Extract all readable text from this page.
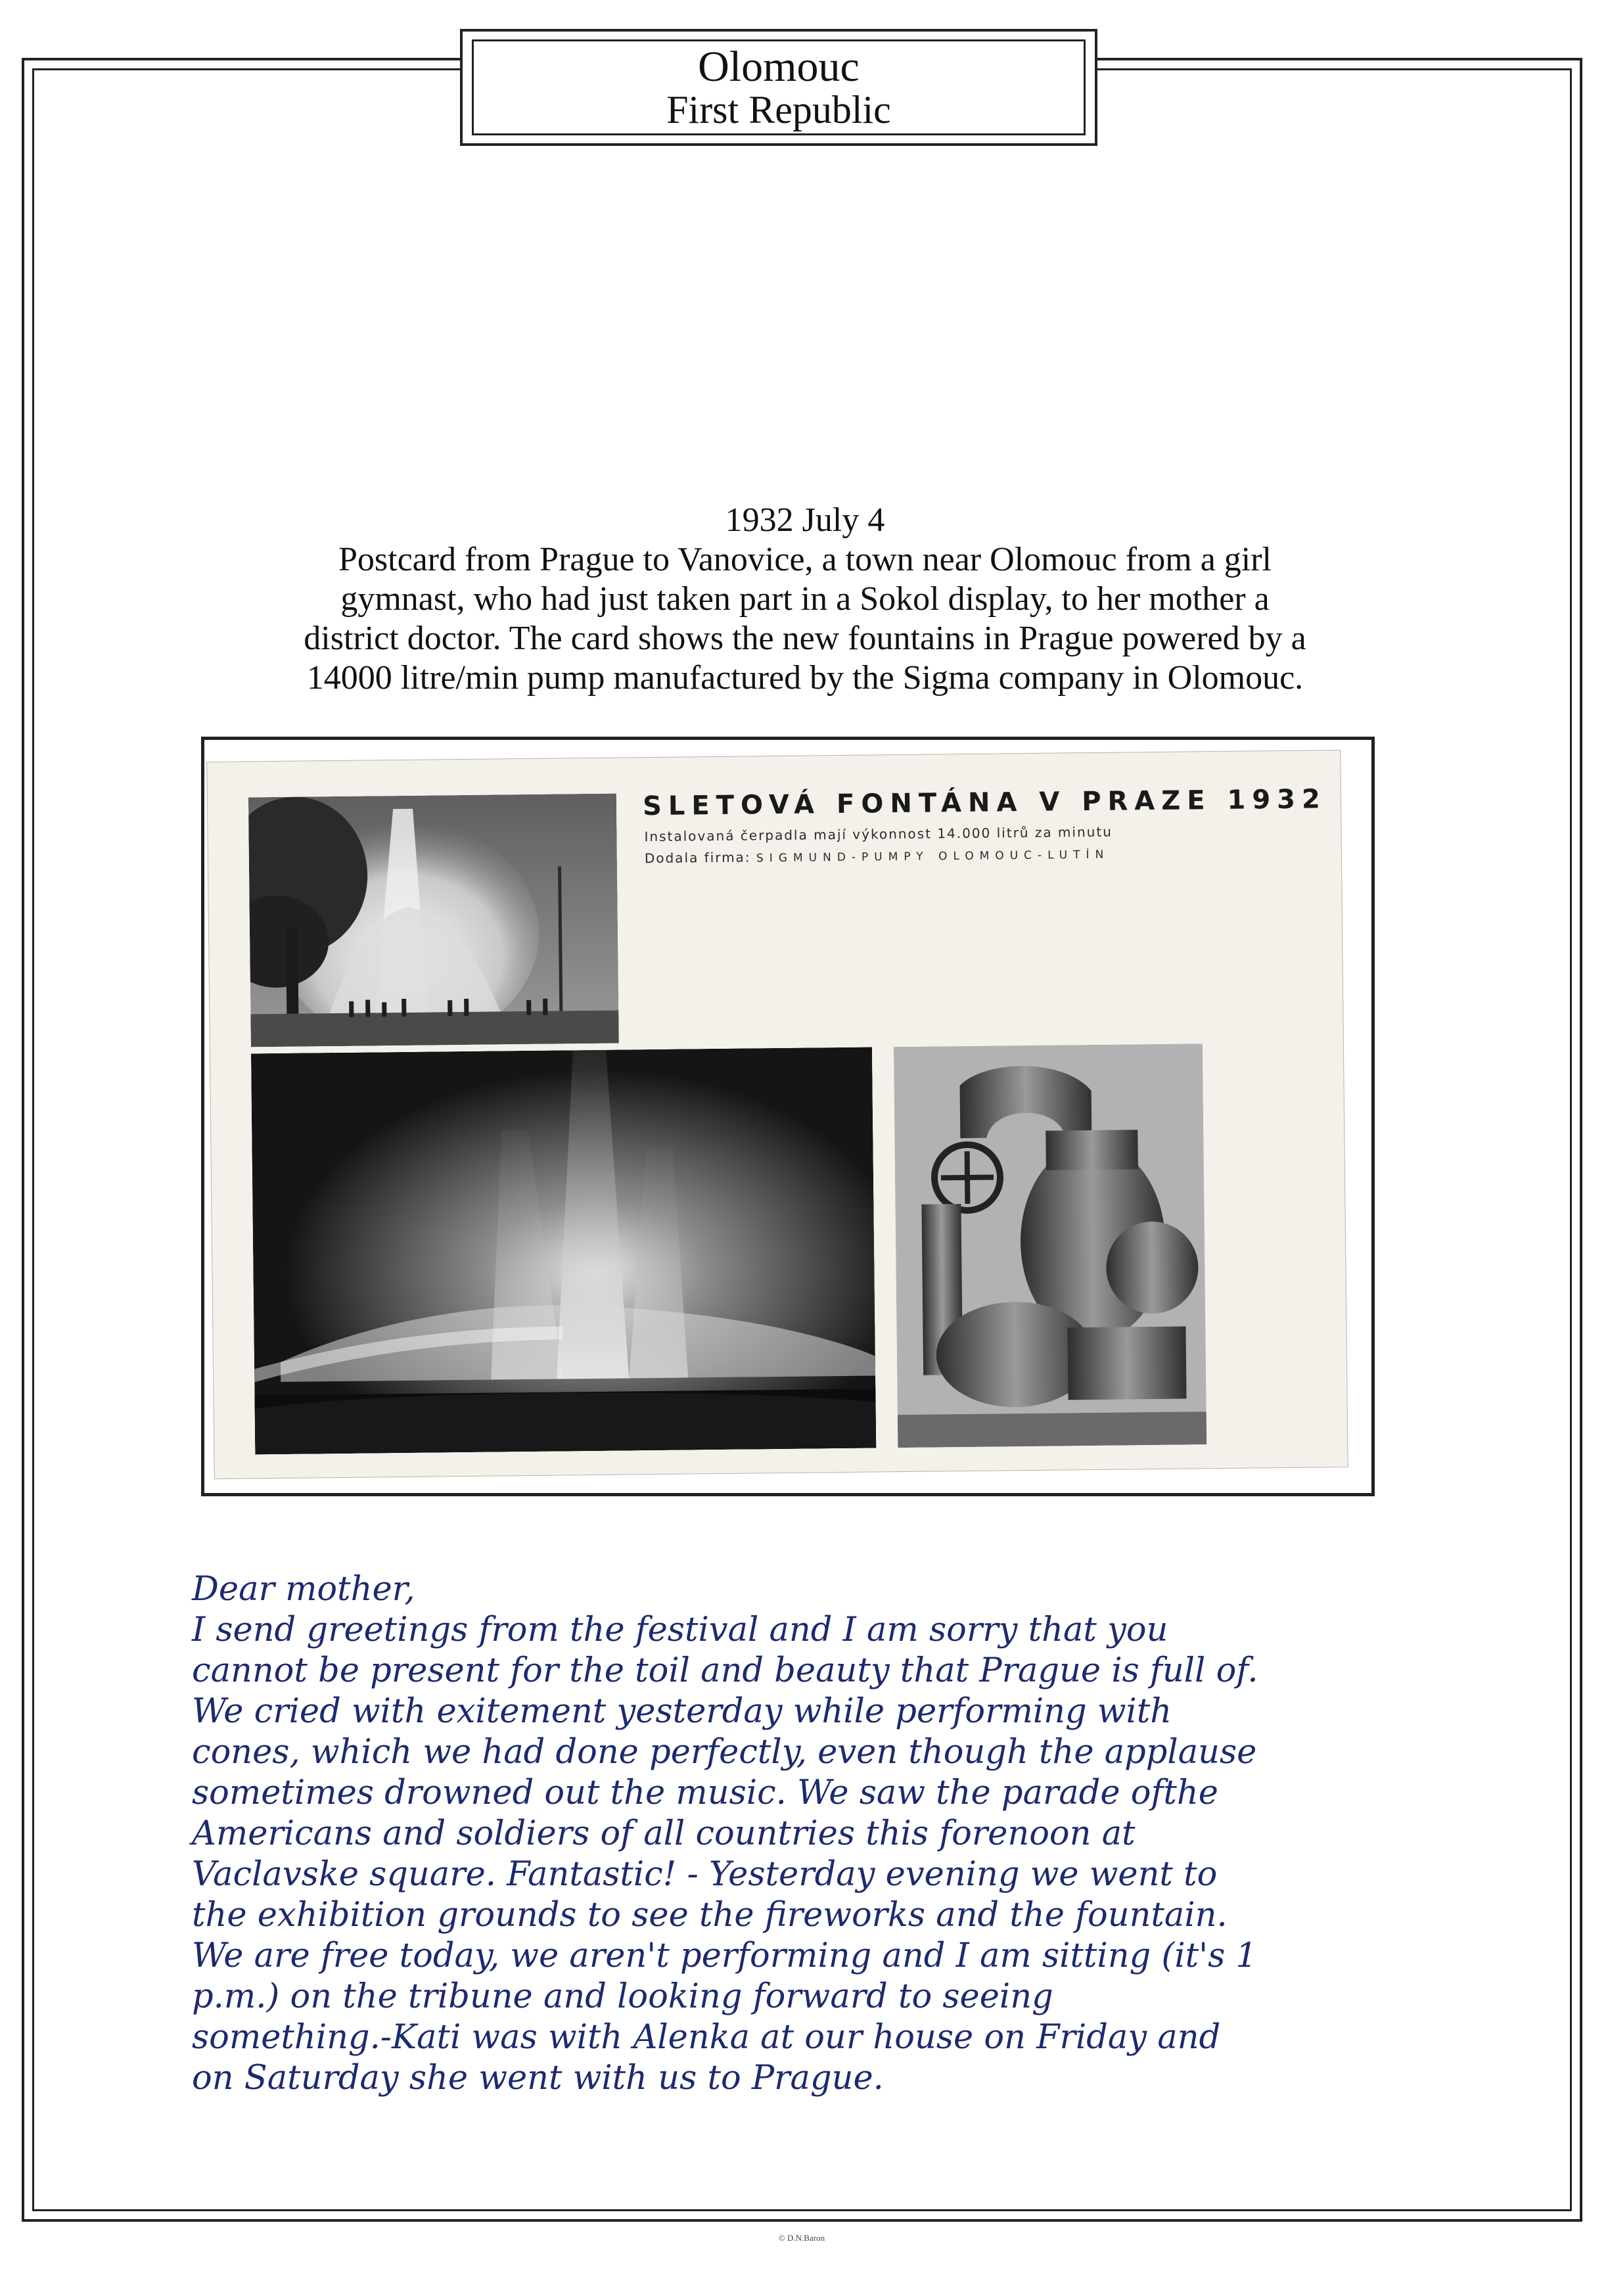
Olomouc
First Republic
1932 July 4
Postcard from Prague to Vanovice, a town near Olomouc from a girl
gymnast, who had just taken part in a Sokol display, to her mother a
district doctor. The card shows the new fountains in Prague powered by a
14000 litre/min pump manufactured by the Sigma company in Olomouc.
SLETOVÁ FONTÁNA V PRAZE 1932
Instalovaná čerpadla mají výkonnost 14.000 litrů za minutu
Dodala firma: SIGMUND-PUMPY OLOMOUC-LUTÍN
Dear mother,
I send greetings from the festival and I am sorry that you
cannot be present for the toil and beauty that Prague is full of.
We cried with exitement yesterday while performing with
cones, which we had done perfectly, even though the applause
sometimes drowned out the music. We saw the parade ofthe
Americans and soldiers of all countries this forenoon at
Vaclavske square. Fantastic! - Yesterday evening we went to
the exhibition grounds to see the fireworks and the fountain.
We are free today, we aren't performing and I am sitting (it's 1
p.m.) on the tribune and looking forward to seeing
something.-Kati was with Alenka at our house on Friday and
on Saturday she went with us to Prague.
© D.N.Baron
